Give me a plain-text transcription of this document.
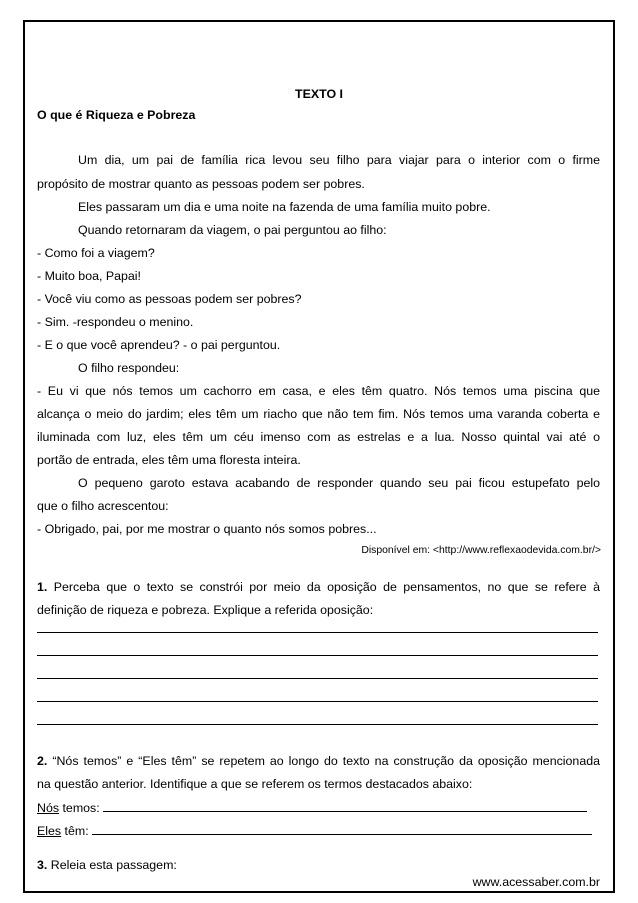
TEXTO I
O que é Riqueza e Pobreza
Um dia, um pai de família rica levou seu filho para viajar para o interior com o firme
propósito de mostrar quanto as pessoas podem ser pobres.
Eles passaram um dia e uma noite na fazenda de uma família muito pobre.
Quando retornaram da viagem, o pai perguntou ao filho:
- Como foi a viagem?
- Muito boa, Papai!
- Você viu como as pessoas podem ser pobres?
- Sim. -respondeu o menino.
- E o que você aprendeu? - o pai perguntou.
O filho respondeu:
- Eu vi que nós temos um cachorro em casa, e eles têm quatro. Nós temos uma piscina que
alcança o meio do jardim; eles têm um riacho que não tem fim. Nós temos uma varanda coberta e
iluminada com luz, eles têm um céu imenso com as estrelas e a lua. Nosso quintal vai até o
portão de entrada, eles têm uma floresta inteira.
O pequeno garoto estava acabando de responder quando seu pai ficou estupefato pelo
que o filho acrescentou:
- Obrigado, pai, por me mostrar o quanto nós somos pobres...
Disponível em: <http://www.reflexaodevida.com.br/>
1. Perceba que o texto se constrói por meio da oposição de pensamentos, no que se refere à
definição de riqueza e pobreza. Explique a referida oposição:
2. “Nós temos” e “Eles têm” se repetem ao longo do texto na construção da oposição mencionada
na questão anterior. Identifique a que se referem os termos destacados abaixo:
Nós temos:
Eles têm:
3. Releia esta passagem:
www.acessaber.com.br
